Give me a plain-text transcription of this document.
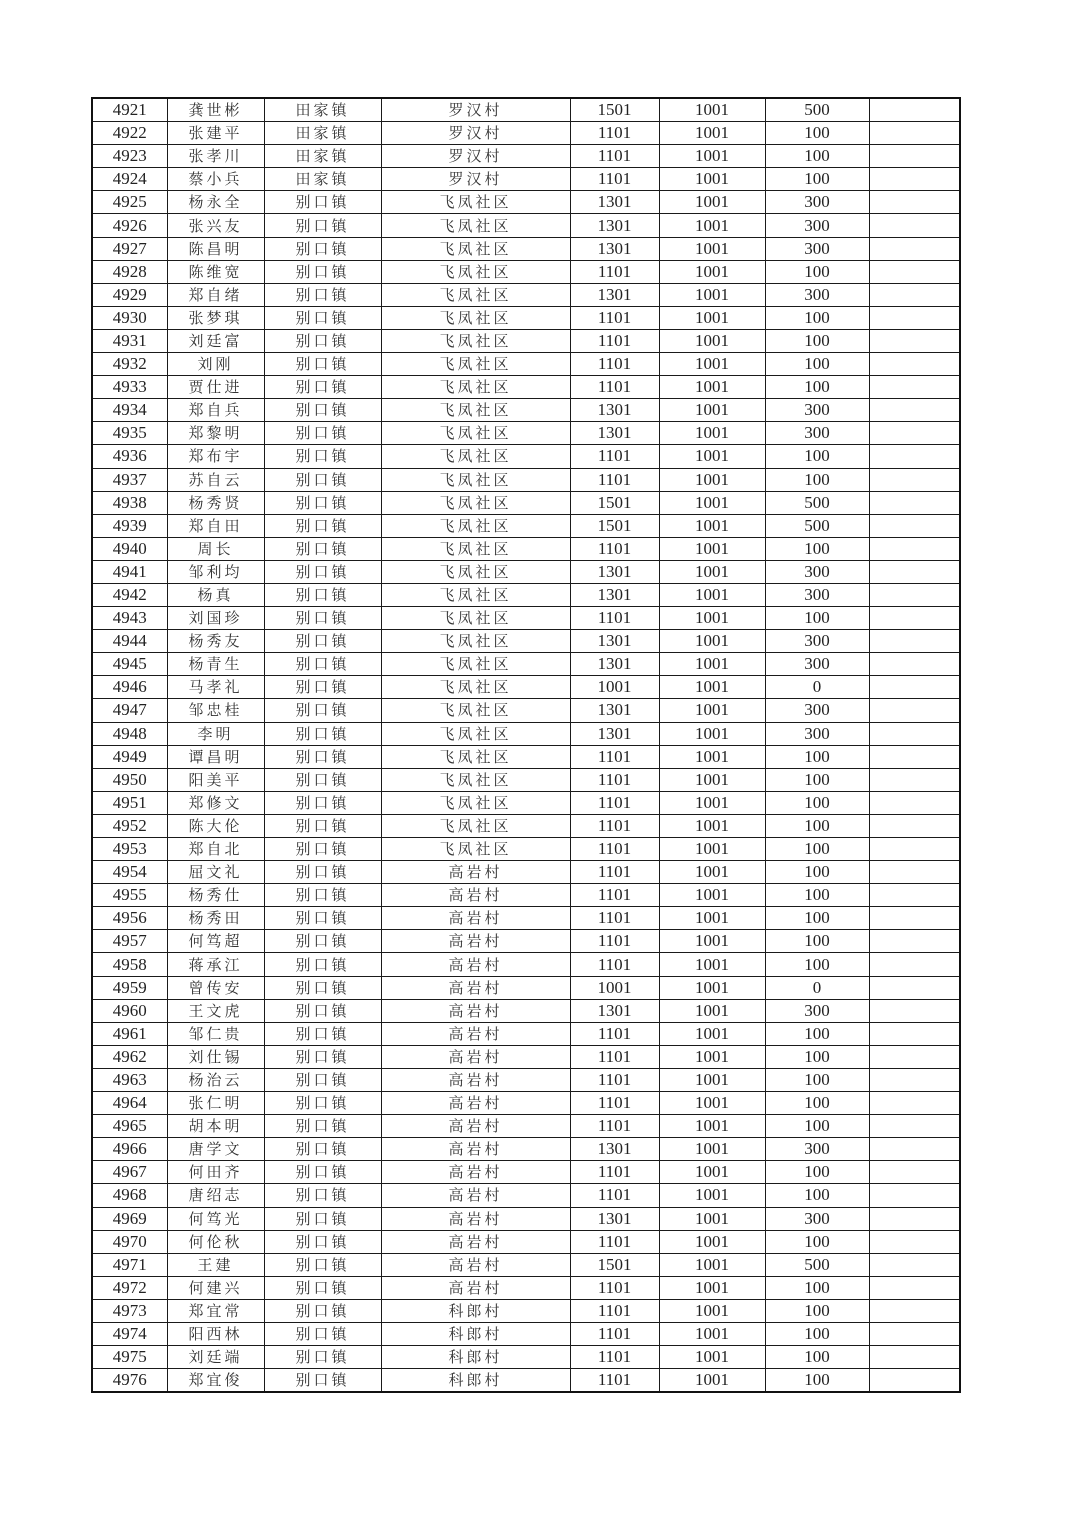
4921	龚世彬	田家镇	罗汉村	1501	1001	500	
4922	张建平	田家镇	罗汉村	1101	1001	100	
4923	张孝川	田家镇	罗汉村	1101	1001	100	
4924	蔡小兵	田家镇	罗汉村	1101	1001	100	
4925	杨永全	别口镇	飞凤社区	1301	1001	300	
4926	张兴友	别口镇	飞凤社区	1301	1001	300	
4927	陈昌明	别口镇	飞凤社区	1301	1001	300	
4928	陈维宽	别口镇	飞凤社区	1101	1001	100	
4929	郑自绪	别口镇	飞凤社区	1301	1001	300	
4930	张梦琪	别口镇	飞凤社区	1101	1001	100	
4931	刘廷富	别口镇	飞凤社区	1101	1001	100	
4932	刘刚	别口镇	飞凤社区	1101	1001	100	
4933	贾仕进	别口镇	飞凤社区	1101	1001	100	
4934	郑自兵	别口镇	飞凤社区	1301	1001	300	
4935	郑黎明	别口镇	飞凤社区	1301	1001	300	
4936	郑布宇	别口镇	飞凤社区	1101	1001	100	
4937	苏自云	别口镇	飞凤社区	1101	1001	100	
4938	杨秀贤	别口镇	飞凤社区	1501	1001	500	
4939	郑自田	别口镇	飞凤社区	1501	1001	500	
4940	周长	别口镇	飞凤社区	1101	1001	100	
4941	邹利均	别口镇	飞凤社区	1301	1001	300	
4942	杨真	别口镇	飞凤社区	1301	1001	300	
4943	刘国珍	别口镇	飞凤社区	1101	1001	100	
4944	杨秀友	别口镇	飞凤社区	1301	1001	300	
4945	杨青生	别口镇	飞凤社区	1301	1001	300	
4946	马孝礼	别口镇	飞凤社区	1001	1001	0	
4947	邹忠桂	别口镇	飞凤社区	1301	1001	300	
4948	李明	别口镇	飞凤社区	1301	1001	300	
4949	谭昌明	别口镇	飞凤社区	1101	1001	100	
4950	阳美平	别口镇	飞凤社区	1101	1001	100	
4951	郑修文	别口镇	飞凤社区	1101	1001	100	
4952	陈大伦	别口镇	飞凤社区	1101	1001	100	
4953	郑自北	别口镇	飞凤社区	1101	1001	100	
4954	屈文礼	别口镇	高岩村	1101	1001	100	
4955	杨秀仕	别口镇	高岩村	1101	1001	100	
4956	杨秀田	别口镇	高岩村	1101	1001	100	
4957	何笃超	别口镇	高岩村	1101	1001	100	
4958	蒋承江	别口镇	高岩村	1101	1001	100	
4959	曾传安	别口镇	高岩村	1001	1001	0	
4960	王文虎	别口镇	高岩村	1301	1001	300	
4961	邹仁贵	别口镇	高岩村	1101	1001	100	
4962	刘仕锡	别口镇	高岩村	1101	1001	100	
4963	杨治云	别口镇	高岩村	1101	1001	100	
4964	张仁明	别口镇	高岩村	1101	1001	100	
4965	胡本明	别口镇	高岩村	1101	1001	100	
4966	唐学文	别口镇	高岩村	1301	1001	300	
4967	何田齐	别口镇	高岩村	1101	1001	100	
4968	唐绍志	别口镇	高岩村	1101	1001	100	
4969	何笃光	别口镇	高岩村	1301	1001	300	
4970	何伦秋	别口镇	高岩村	1101	1001	100	
4971	王建	别口镇	高岩村	1501	1001	500	
4972	何建兴	别口镇	高岩村	1101	1001	100	
4973	郑宜常	别口镇	科郎村	1101	1001	100	
4974	阳西林	别口镇	科郎村	1101	1001	100	
4975	刘廷端	别口镇	科郎村	1101	1001	100	
4976	郑宜俊	别口镇	科郎村	1101	1001	100	
